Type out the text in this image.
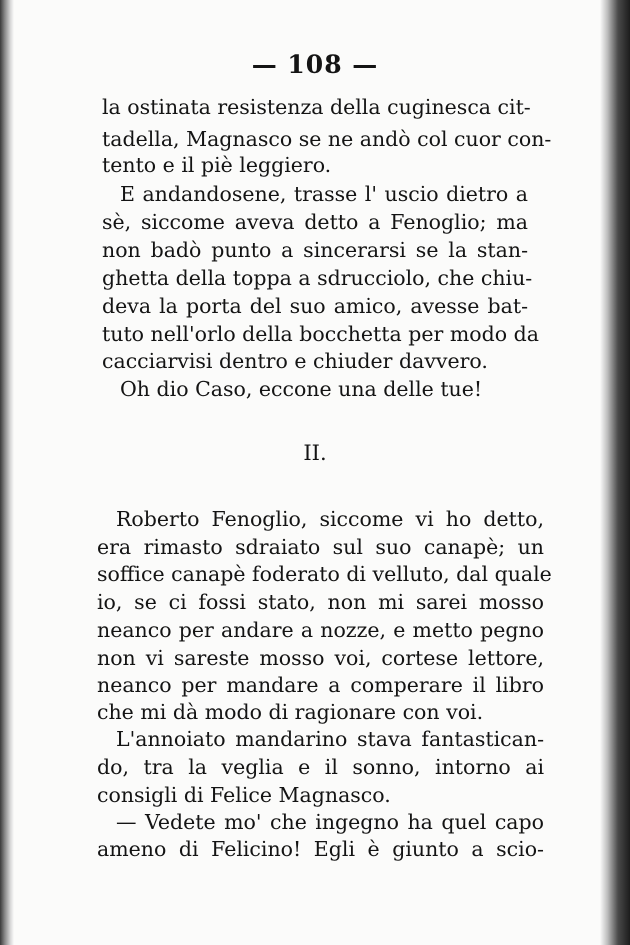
— 108 —
la ostinata resistenza della cuginesca cit-
tadella, Magnasco se ne andò col cuor con-
tento e il piè leggiero.
E andandosene, trasse l' uscio dietro a
sè, siccome aveva detto a Fenoglio; ma
non badò punto a sincerarsi se la stan-
ghetta della toppa a sdrucciolo, che chiu-
deva la porta del suo amico, avesse bat-
tuto nell'orlo della bocchetta per modo da
cacciarvisi dentro e chiuder davvero.
Oh dio Caso, eccone una delle tue!
II.
Roberto Fenoglio, siccome vi ho detto,
era rimasto sdraiato sul suo canapè; un
soffice canapè foderato di velluto, dal quale
io, se ci fossi stato, non mi sarei mosso
neanco per andare a nozze, e metto pegno
non vi sareste mosso voi, cortese lettore,
neanco per mandare a comperare il libro
che mi dà modo di ragionare con voi.
L'annoiato mandarino stava fantastican-
do, tra la veglia e il sonno, intorno ai
consigli di Felice Magnasco.
— Vedete mo' che ingegno ha quel capo
ameno di Felicino! Egli è giunto a scio-
